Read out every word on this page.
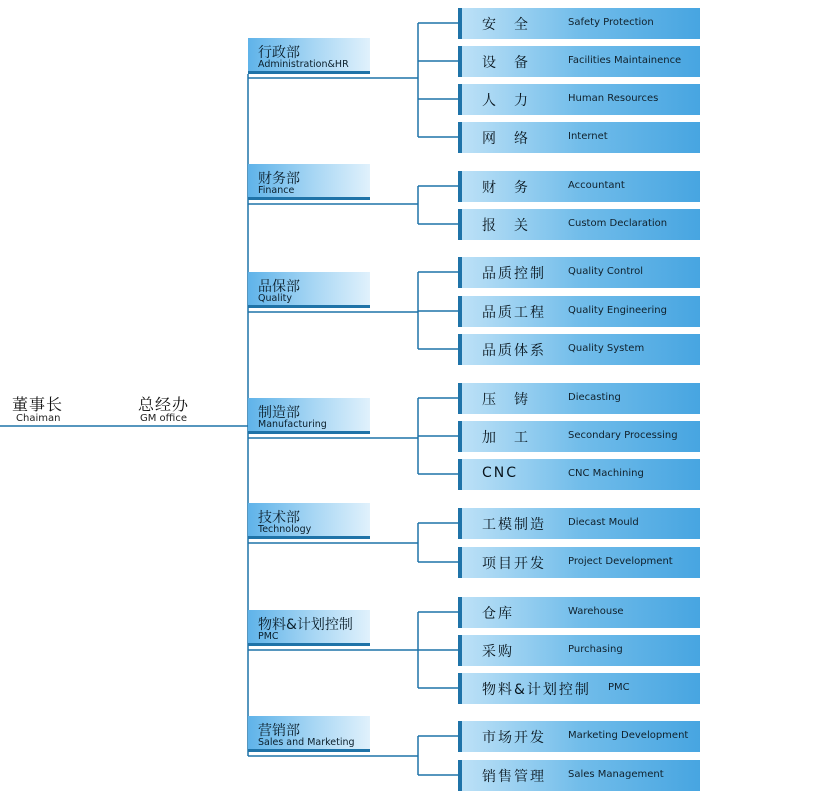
董事长
Chaiman
总经办
GM office
行政部
Administration&HR
安　全	Safety Protection
设　备	Facilities Maintainence
人　力	Human Resources
网　络	Internet
财务部
Finance	财　务	Accountant
报　关	Custom Declaration
品保部
Quality
品质控制 Quality Control
品质工程 Quality Engineering
品质体系 Quality System
制造部
Manufacturing
压　铸	Diecasting
加　工	Secondary Processing
CNC	CNC Machining
技术部
Technology	工模制造 Diecast Mould
项目开发 Project Development
物料&计划控制
PMC
仓库	Warehouse
采购	Purchasing
物料&计划控制 PMC
营销部
Sales and Marketing	市场开发 Marketing Development
销售管理 Sales Management
